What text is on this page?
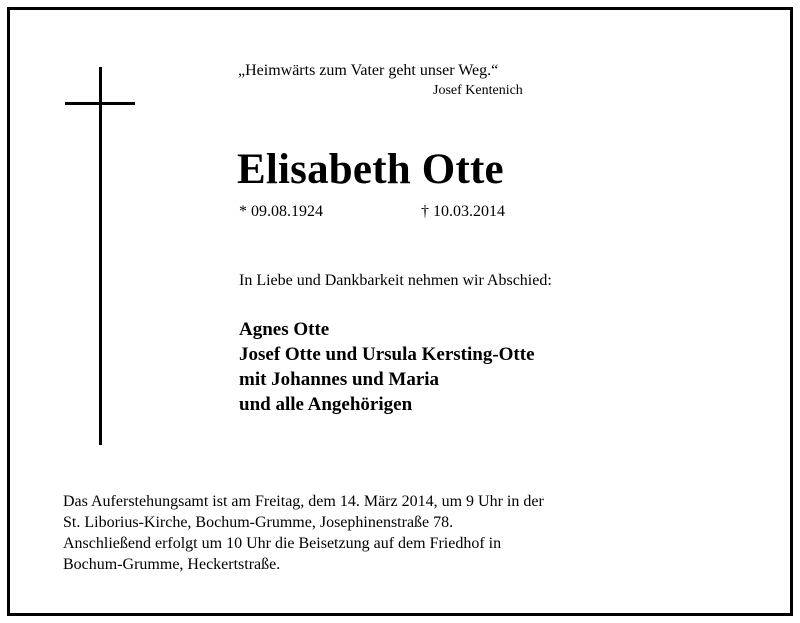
„Heimwärts zum Vater geht unser Weg.“
Josef Kentenich
Elisabeth Otte
* 09.08.1924	† 10.03.2014
In Liebe und Dankbarkeit nehmen wir Abschied:
Agnes Otte
Josef Otte und Ursula Kersting-Otte
mit Johannes und Maria
und alle Angehörigen
Das Auferstehungsamt ist am Freitag, dem 14. März 2014, um 9 Uhr in der
St. Liborius-Kirche, Bochum-Grumme, Josephinenstraße 78.
Anschließend erfolgt um 10 Uhr die Beisetzung auf dem Friedhof in
Bochum-Grumme, Heckertstraße.
